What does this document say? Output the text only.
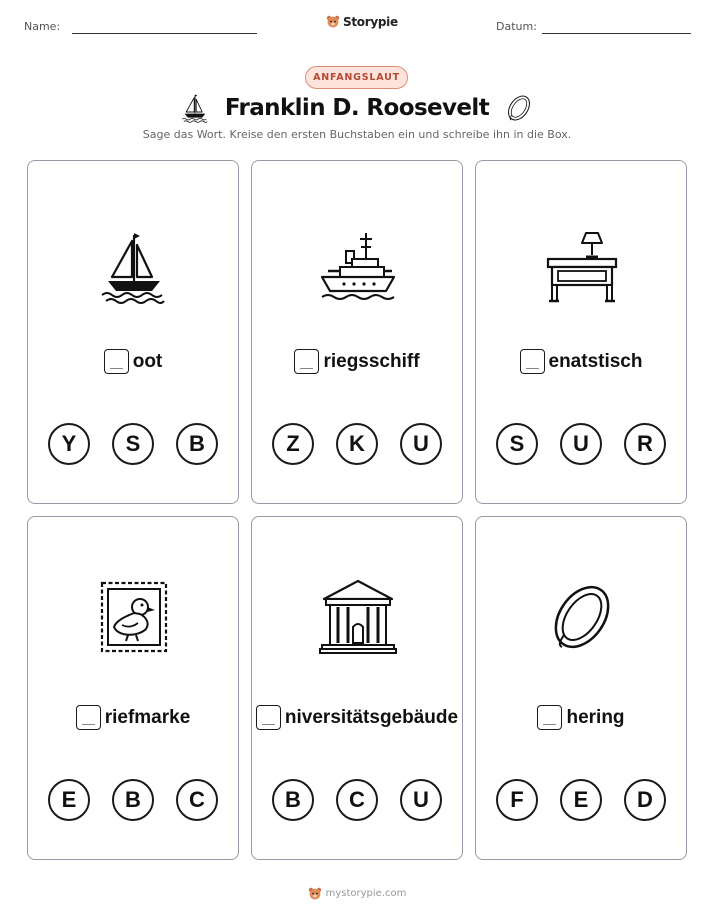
Name:	Storypie	Datum:
ANFANGSLAUT
Franklin D. Roosevelt
Sage das Wort. Kreise den ersten Buchstaben ein und schreibe ihn in die Box.
oot
Y	S	B
riegsschiff
Z	K	U
enatstisch
S	U	R
riefmarke
E	B	C
niversitätsgebäude
B	C	U
hering
F	E	D
mystorypie.com
